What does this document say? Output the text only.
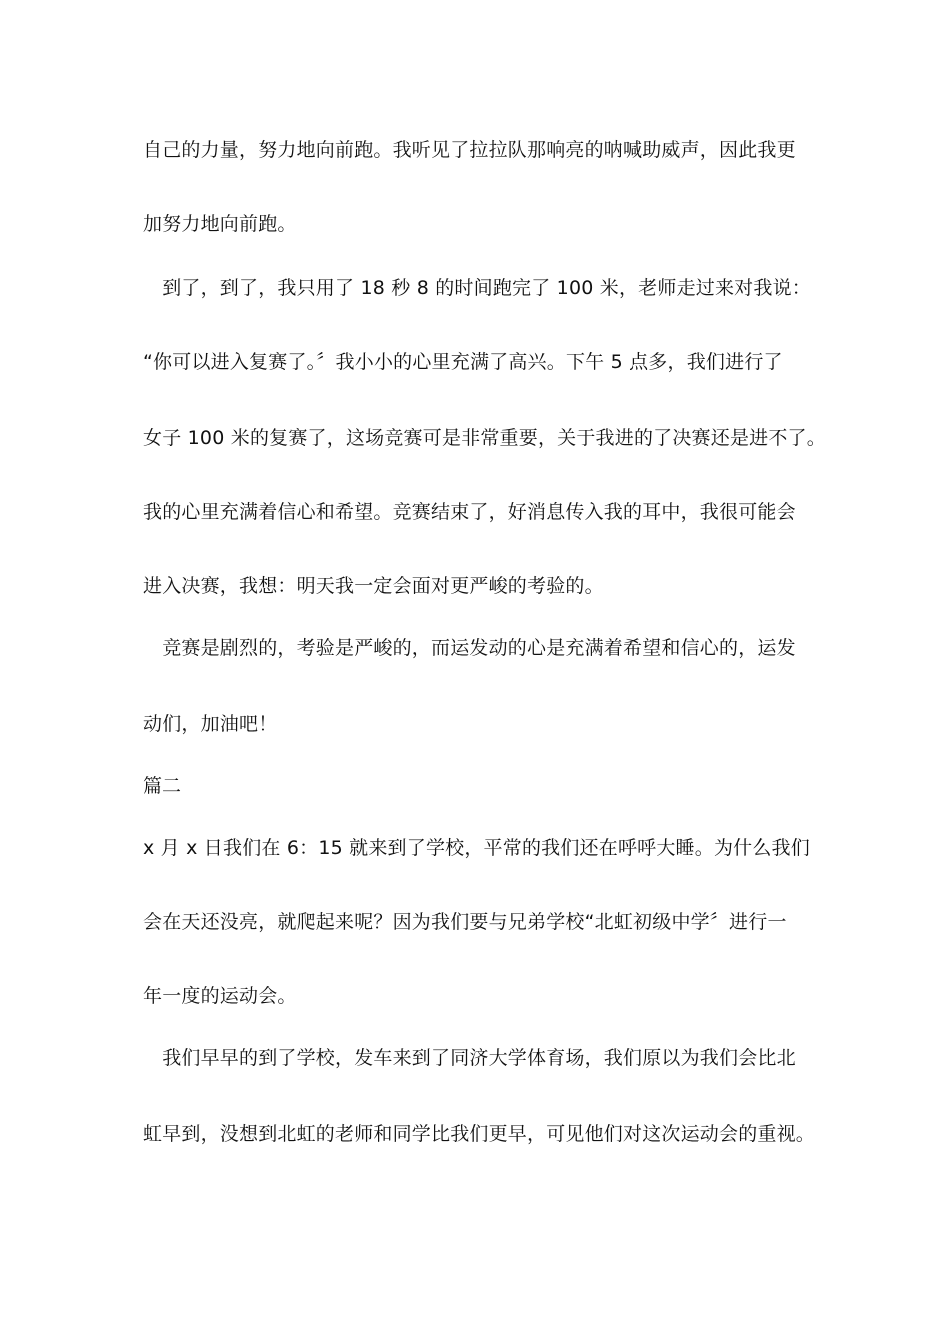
自己的力量，努力地向前跑。我听见了拉拉队那响亮的呐喊助威声，因此我更
加努力地向前跑。
　到了，到了，我只用了 18 秒 8 的时间跑完了 100 米，老师走过来对我说：
“你可以进入复赛了。〞我小小的心里充满了高兴。下午 5 点多，我们进行了
女子 100 米的复赛了，这场竞赛可是非常重要，关于我进的了决赛还是进不了。
我的心里充满着信心和希望。竞赛结束了，好消息传入我的耳中，我很可能会
进入决赛，我想：明天我一定会面对更严峻的考验的。
　竞赛是剧烈的，考验是严峻的，而运发动的心是充满着希望和信心的，运发
动们，加油吧！
篇二
x 月 x 日我们在 6：15 就来到了学校，平常的我们还在呼呼大睡。为什么我们
会在天还没亮，就爬起来呢？因为我们要与兄弟学校“北虹初级中学〞进行一
年一度的运动会。
　我们早早的到了学校，发车来到了同济大学体育场，我们原以为我们会比北
虹早到，没想到北虹的老师和同学比我们更早，可见他们对这次运动会的重视。
